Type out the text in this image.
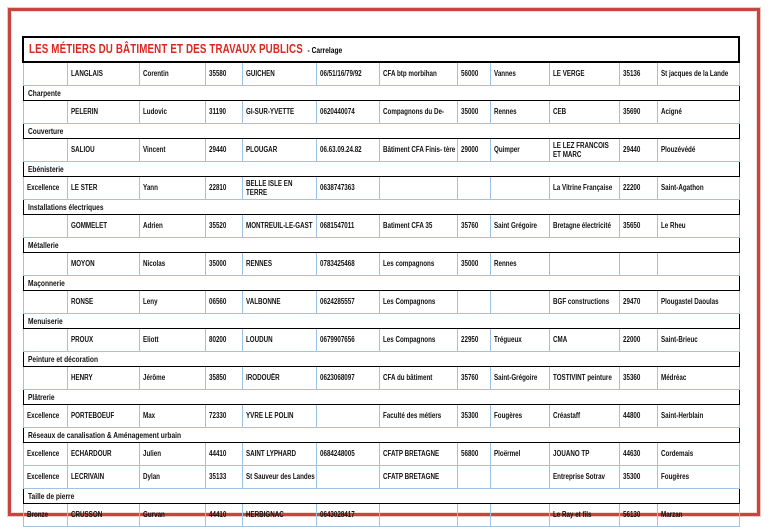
LES MÉTIERS DU BÂTIMENT ET DES TRAVAUX PUBLICS - Carrelage											

	LANGLAIS	Corentin	35580	GUICHEN	06/51/16/79/92	CFA btp morbihan	56000	Vannes	LE VERGE	35136	St jacques de la Lande

Charpente											

	PELERIN	Ludovic	31190	GI-SUR-YVETTE	0620440074	Compagnons du De-	35000	Rennes	CEB	35690	Acigné

Couverture											

	SALIOU	Vincent	29440	PLOUGAR	06.63.09.24.82	Bâtiment CFA Finis- tère	29000	Quimper	LE LEZ FRANCOIS ET MARC	29440	Plouzévédé

Ebénisterie											

Excellence	LE STER	Yann	22810	BELLE ISLE EN TERRE	0638747363				La Vitrine Française	22200	Saint-Agathon

Installations électriques											

	GOMMELET	Adrien	35520	MONTREUIL-LE-GAST	0681547011	Batiment CFA 35	35760	Saint Grégoire	Bretagne électricité	35650	Le Rheu

Métallerie											

	MOYON	Nicolas	35000	RENNES	0783425468	Les compagnons	35000	Rennes			

Maçonnerie											

	RONSE	Leny	06560	VALBONNE	0624285557	Les Compagnons			BGF constructions	29470	Plougastel Daoulas

Menuiserie											

	PROUX	Eliott	80200	LOUDUN	0679907656	Les Compagnons	22950	Trégueux	CMA	22000	Saint-Brieuc

Peinture et décoration											

	HENRY	Jérôme	35850	IRODOUËR	0623068097	CFA du bâtiment	35760	Saint-Grégoire	TOSTIVINT peinture	35360	Médréac

Plâtrerie											

Excellence	PORTEBOEUF	Max	72330	YVRE LE POLIN		Faculté des métiers	35300	Fougères	Créastaff	44800	Saint-Herblain

Réseaux de canalisation & Aménagement urbain											

Excellence	ECHARDOUR	Julien	44410	SAINT LYPHARD	0684248005	CFATP BRETAGNE	56800	Ploërmel	JOUANO TP	44630	Cordemais

Excellence	LECRIVAIN	Dylan	35133	St Sauveur des Landes		CFATP BRETAGNE			Entreprise Sotrav	35300	Fougères

Taille de pierre											

Bronze	CRUSSON	Gurvan	44410	HERBIGNAC	0643028417				Le Ray et fils	56130	Marzan
